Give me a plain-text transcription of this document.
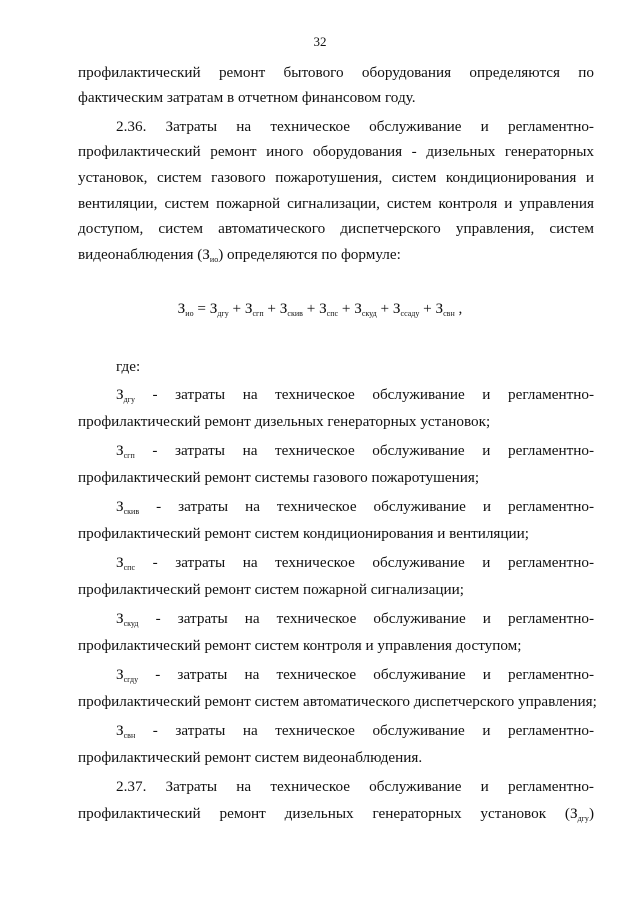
32
профилактический ремонт бытового оборудования определяются по
фактическим затратам в отчетном финансовом году.
2.36. Затраты на техническое обслуживание и регламентно-
профилактический ремонт иного оборудования - дизельных генераторных
установок, систем газового пожаротушения, систем кондиционирования и
вентиляции, систем пожарной сигнализации, систем контроля и управления
доступом, систем автоматического диспетчерского управления, систем
видеонаблюдения $(З_{ио})$ определяются по формуле:
$З_{ио} = З_{дгу} + З_{сгп} + З_{скив} + З_{спс} + З_{скуд} + З_{ссаду} + З_{свн}$ ,
где:
$З_{дгу}$ - затраты на техническое обслуживание и регламентно-
профилактический ремонт дизельных генераторных установок;
$З_{сгп}$ - затраты на техническое обслуживание и регламентно-
профилактический ремонт системы газового пожаротушения;
$З_{скив}$ - затраты на техническое обслуживание и регламентно-
профилактический ремонт систем кондиционирования и вентиляции;
$З_{спс}$ - затраты на техническое обслуживание и регламентно-
профилактический ремонт систем пожарной сигнализации;
$З_{скуд}$ - затраты на техническое обслуживание и регламентно-
профилактический ремонт систем контроля и управления доступом;
$З_{сгду}$ - затраты на техническое обслуживание и регламентно-
профилактический ремонт систем автоматического диспетчерского управления;
$З_{свн}$ - затраты на техническое обслуживание и регламентно-
профилактический ремонт систем видеонаблюдения.
2.37. Затраты на техническое обслуживание и регламентно-
профилактический ремонт дизельных генераторных установок $(З_{дгу})$
